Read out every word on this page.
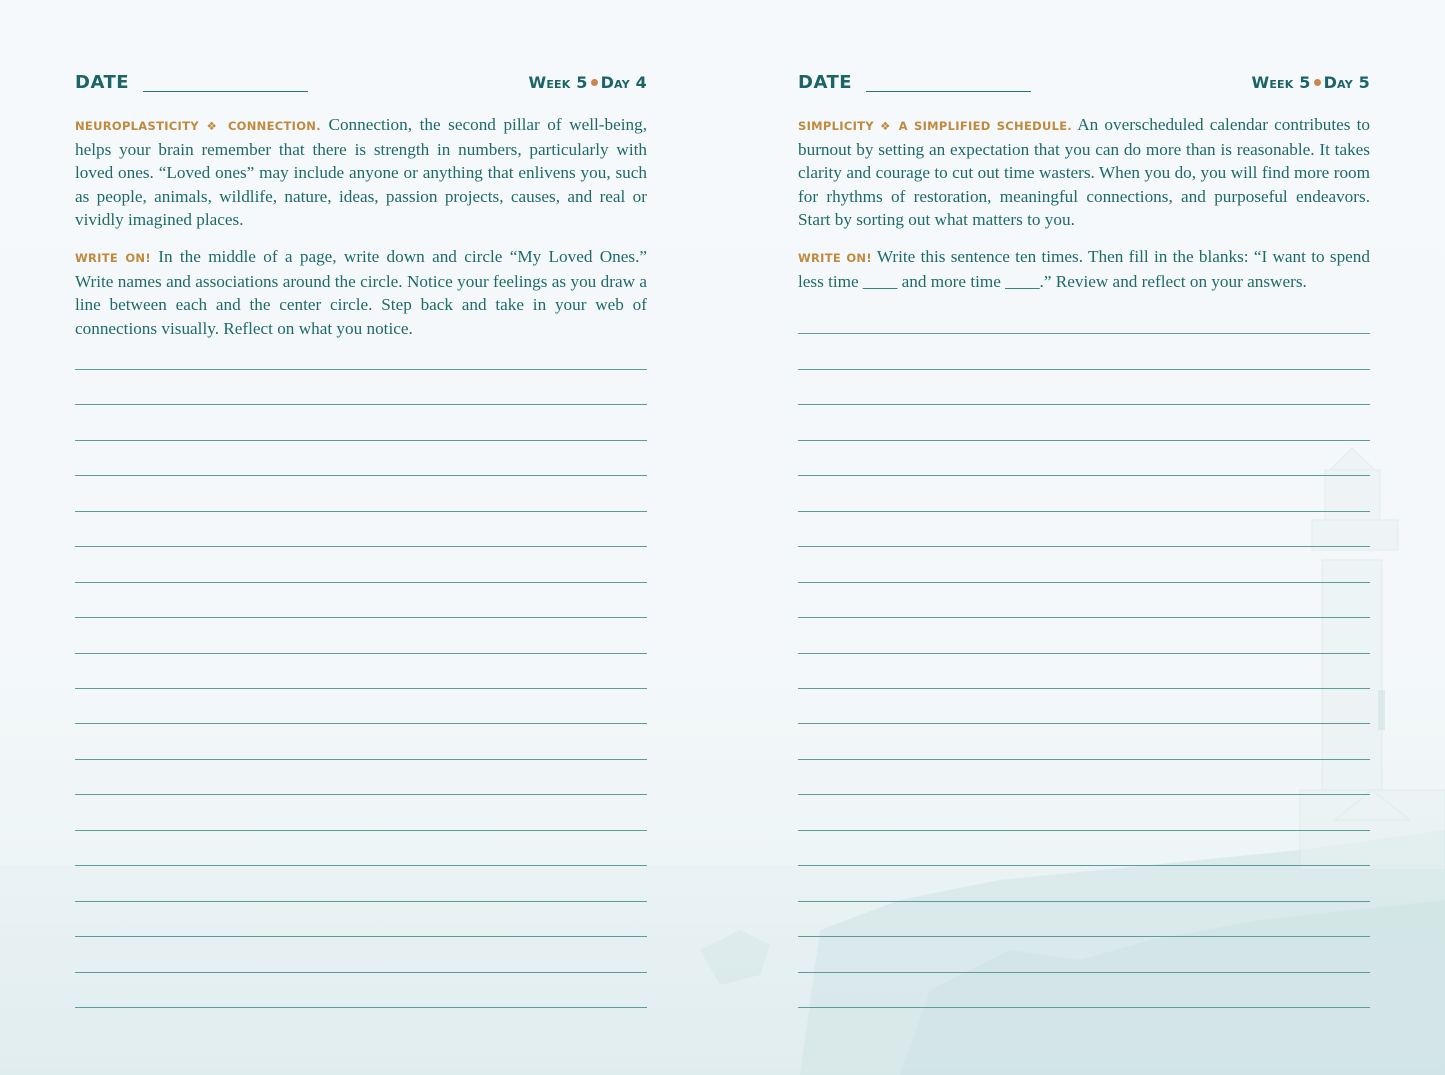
DATE	Week 5 Day 4

NEUROPLASTICITY ❖ CONNECTION. Connection, the second pillar of well-being, helps your brain remember that there is strength in numbers, particularly with loved ones. “Loved ones” may include anyone or anything that enlivens you, such as people, animals, wildlife, nature, ideas, passion projects, causes, and real or vividly imagined places.

WRITE ON! In the middle of a page, write down and circle “My Loved Ones.” Write names and associations around the circle. Notice your feelings as you draw a line between each and the center circle. Step back and take in your web of connections visually. Reflect on what you notice.

DATE	Week 5 Day 5

SIMPLICITY ❖ A SIMPLIFIED SCHEDULE. An overscheduled calendar contributes to burnout by setting an expectation that you can do more than is reasonable. It takes clarity and courage to cut out time wasters. When you do, you will find more room for rhythms of restoration, meaningful connections, and purposeful endeavors. Start by sorting out what matters to you.

WRITE ON! Write this sentence ten times. Then fill in the blanks: “I want to spend less time ____ and more time ____.” Review and reflect on your answers.
